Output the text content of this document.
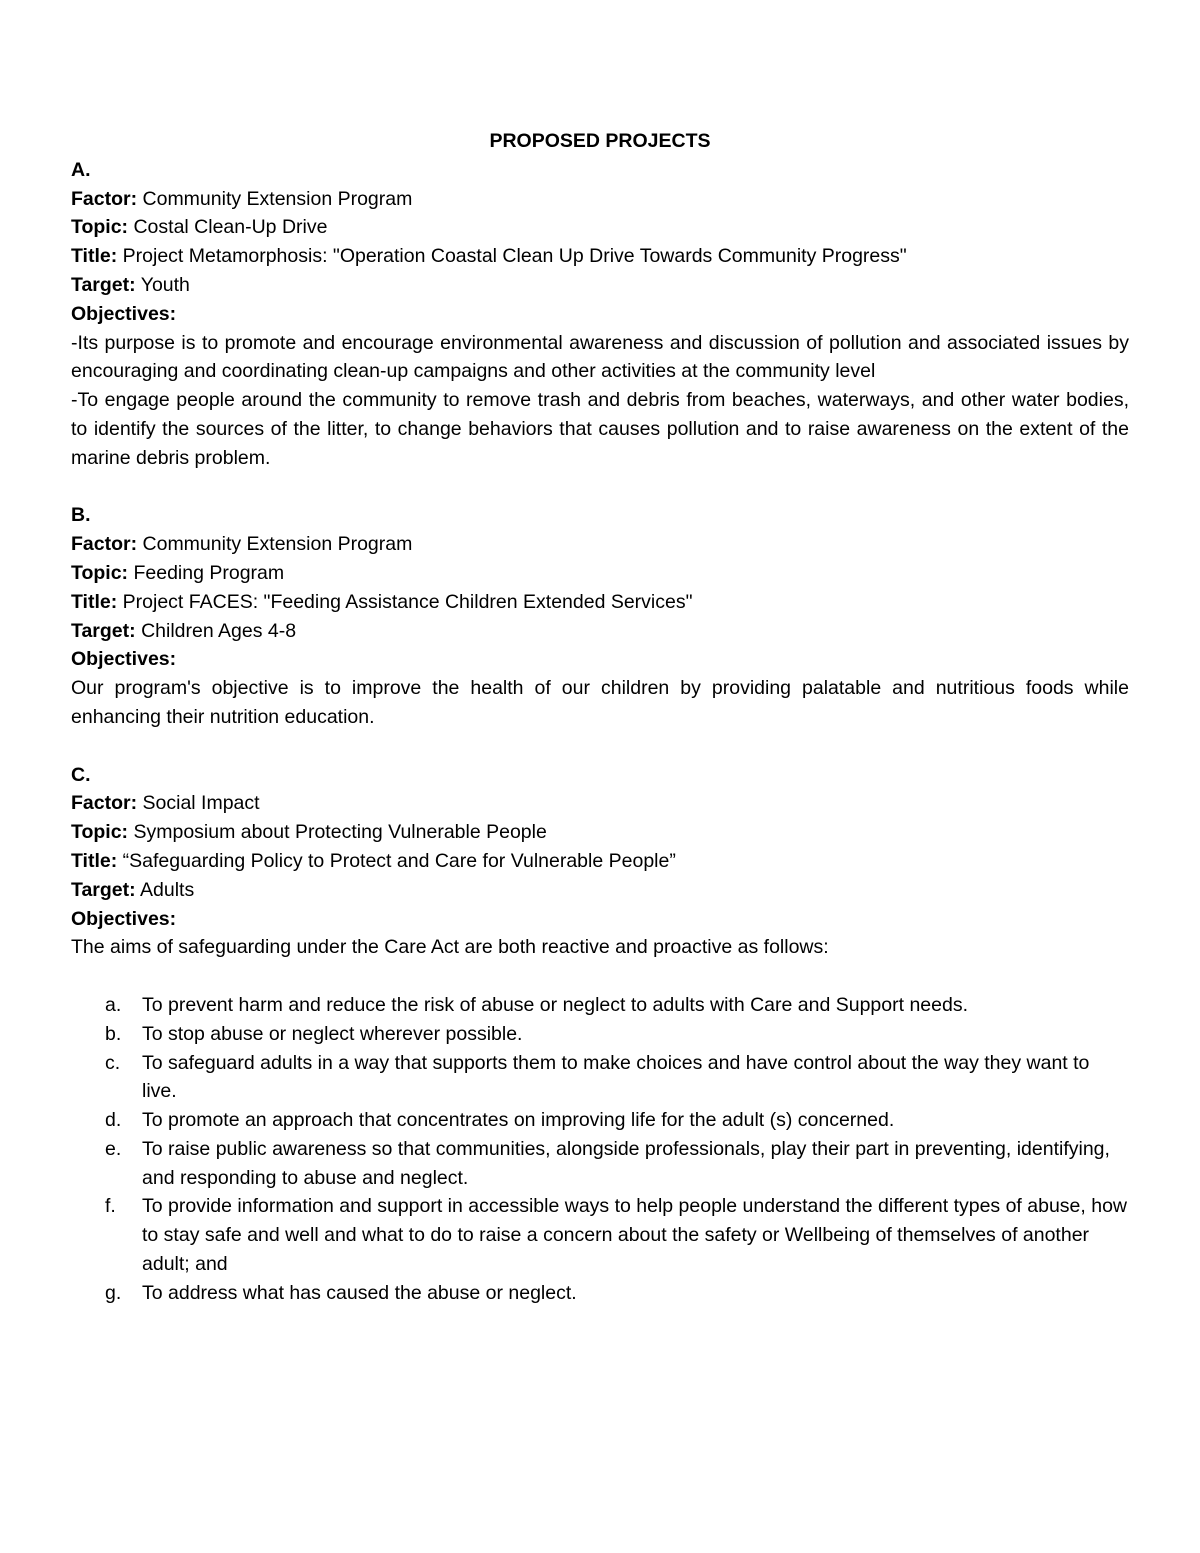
PROPOSED PROJECTS

A.

Factor: Community Extension Program

Topic: Costal Clean-Up Drive

Title: Project Metamorphosis: "Operation Coastal Clean Up Drive Towards Community Progress"

Target: Youth

Objectives:

-Its purpose is to promote and encourage environmental awareness and discussion of pollution and associated issues by encouraging and coordinating clean-up campaigns and other activities at the community level

-To engage people around the community to remove trash and debris from beaches, waterways, and other water bodies, to identify the sources of the litter, to change behaviors that causes pollution and to raise awareness on the extent of the marine debris problem.

B.

Factor: Community Extension Program

Topic: Feeding Program

Title: Project FACES: "Feeding Assistance Children Extended Services"

Target: Children Ages 4-8

Objectives:

Our program's objective is to improve the health of our children by providing palatable and nutritious foods while enhancing their nutrition education.

C.

Factor: Social Impact

Topic: Symposium about Protecting Vulnerable People

Title: “Safeguarding Policy to Protect and Care for Vulnerable People”

Target: Adults

Objectives:

The aims of safeguarding under the Care Act are both reactive and proactive as follows:

a. To prevent harm and reduce the risk of abuse or neglect to adults with Care and Support needs.
b. To stop abuse or neglect wherever possible.
c. To safeguard adults in a way that supports them to make choices and have control about the way they want to live.
d. To promote an approach that concentrates on improving life for the adult (s) concerned.
e. To raise public awareness so that communities, alongside professionals, play their part in preventing, identifying, and responding to abuse and neglect.
f. To provide information and support in accessible ways to help people understand the different types of abuse, how to stay safe and well and what to do to raise a concern about the safety or Wellbeing of themselves of another adult; and
g. To address what has caused the abuse or neglect.
